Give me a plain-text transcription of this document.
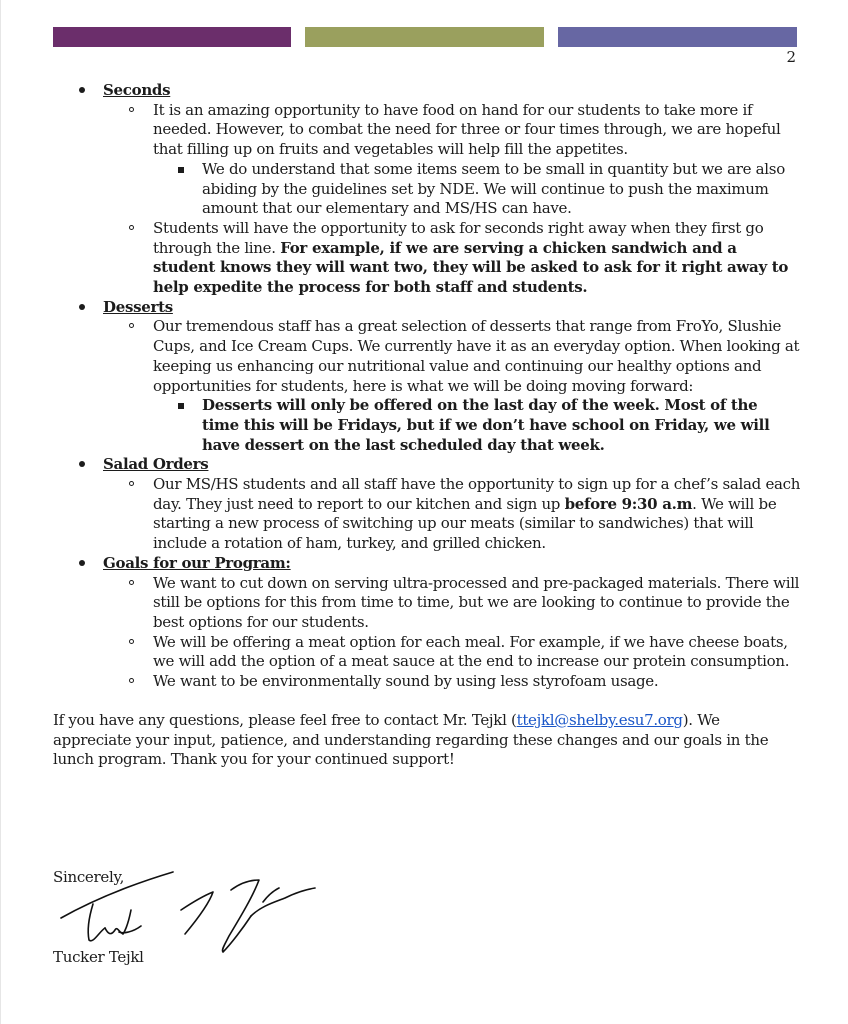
2
Seconds
It is an amazing opportunity to have food on hand for our students to take more if needed. However, to combat the need for three or four times through, we are hopeful that filling up on fruits and vegetables will help fill the appetites.
We do understand that some items seem to be small in quantity but we are also abiding by the guidelines set by NDE. We will continue to push the maximum amount that our elementary and MS/HS can have.
Students will have the opportunity to ask for seconds right away when they first go through the line. For example, if we are serving a chicken sandwich and a student knows they will want two, they will be asked to ask for it right away to help expedite the process for both staff and students.
Desserts
Our tremendous staff has a great selection of desserts that range from FroYo, Slushie Cups, and Ice Cream Cups. We currently have it as an everyday option. When looking at keeping us enhancing our nutritional value and continuing our healthy options and opportunities for students, here is what we will be doing moving forward:
Desserts will only be offered on the last day of the week. Most of the time this will be Fridays, but if we don’t have school on Friday, we will have dessert on the last scheduled day that week.
Salad Orders
Our MS/HS students and all staff have the opportunity to sign up for a chef’s salad each day. They just need to report to our kitchen and sign up before 9:30 a.m. We will be starting a new process of switching up our meats (similar to sandwiches) that will include a rotation of ham, turkey, and grilled chicken.
Goals for our Program:
We want to cut down on serving ultra-processed and pre-packaged materials. There will still be options for this from time to time, but we are looking to continue to provide the best options for our students.
We will be offering a meat option for each meal. For example, if we have cheese boats, we will add the option of a meat sauce at the end to increase our protein consumption.
We want to be environmentally sound by using less styrofoam usage.
If you have any questions, please feel free to contact Mr. Tejkl (ttejkl@shelby.esu7.org). We appreciate your input, patience, and understanding regarding these changes and our goals in the lunch program. Thank you for your continued support!
Sincerely,
Tucker Tejkl
